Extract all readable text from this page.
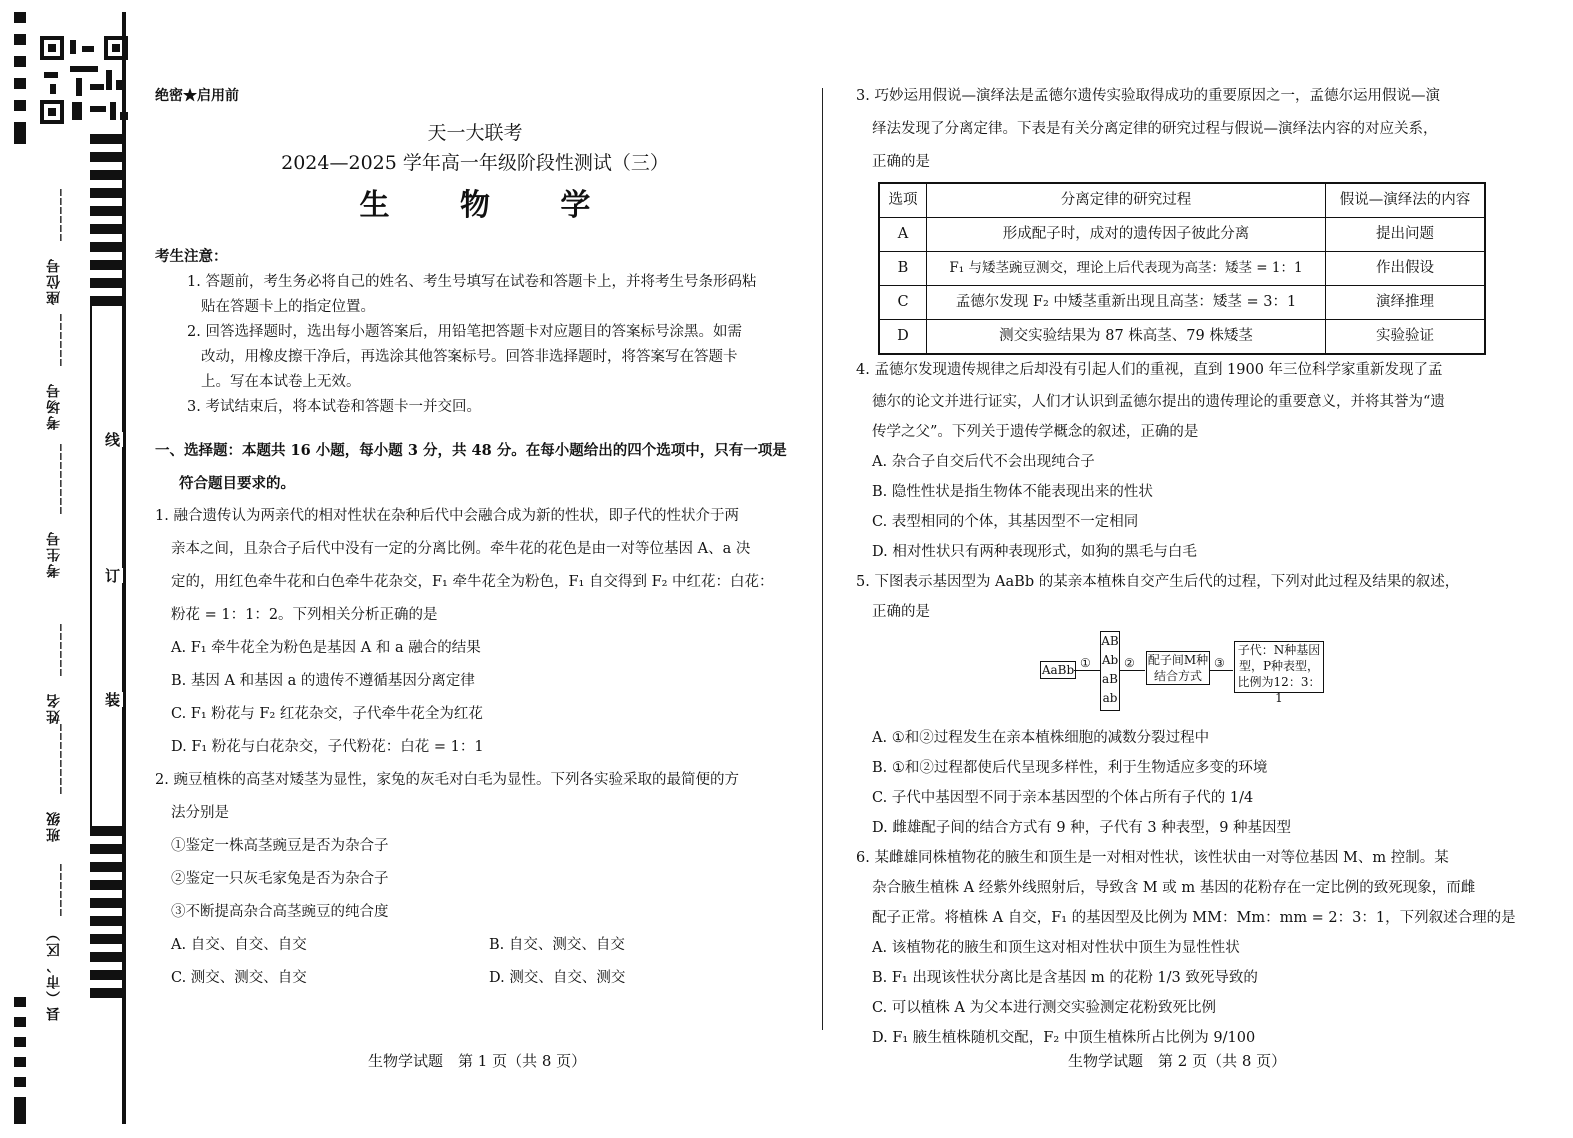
座位号　______
考场号　______
考生号　________
姓名　______
班级　________
县（市、区）　______
线
订
装

绝密★启用前

天一大联考

2024—2025 学年高一年级阶段性测试（三）

生 物 学

考生注意：

1. 答题前，考生务必将自己的姓名、考生号填写在试卷和答题卡上，并将考生号条形码粘

贴在答题卡上的指定位置。

2. 回答选择题时，选出每小题答案后，用铅笔把答题卡对应题目的答案标号涂黑。如需

改动，用橡皮擦干净后，再选涂其他答案标号。回答非选择题时，将答案写在答题卡

上。写在本试卷上无效。

3. 考试结束后，将本试卷和答题卡一并交回。

一、选择题：本题共 16 小题，每小题 3 分，共 48 分。在每小题给出的四个选项中，只有一项是

符合题目要求的。

1. 融合遗传认为两亲代的相对性状在杂种后代中会融合成为新的性状，即子代的性状介于两

亲本之间，且杂合子后代中没有一定的分离比例。牵牛花的花色是由一对等位基因 A、a 决

定的，用红色牵牛花和白色牵牛花杂交，F₁ 牵牛花全为粉色，F₁ 自交得到 F₂ 中红花：白花：

粉花 = 1：1：2。下列相关分析正确的是

A. F₁ 牵牛花全为粉色是基因 A 和 a 融合的结果

B. 基因 A 和基因 a 的遗传不遵循基因分离定律

C. F₁ 粉花与 F₂ 红花杂交，子代牵牛花全为红花

D. F₁ 粉花与白花杂交，子代粉花：白花 = 1：1

2. 豌豆植株的高茎对矮茎为显性，家兔的灰毛对白毛为显性。下列各实验采取的最简便的方

法分别是

①鉴定一株高茎豌豆是否为杂合子

②鉴定一只灰毛家兔是否为杂合子

③不断提高杂合高茎豌豆的纯合度

A. 自交、自交、自交	B. 自交、测交、自交

C. 测交、测交、自交	D. 测交、自交、测交

3. 巧妙运用假说—演绎法是孟德尔遗传实验取得成功的重要原因之一，孟德尔运用假说—演

绎法发现了分离定律。下表是有关分离定律的研究过程与假说—演绎法内容的对应关系，

正确的是

选项	分离定律的研究过程	假说—演绎法的内容
A	形成配子时，成对的遗传因子彼此分离	提出问题
B	F₁ 与矮茎豌豆测交，理论上后代表现为高茎：矮茎 = 1：1	作出假设
C	孟德尔发现 F₂ 中矮茎重新出现且高茎：矮茎 = 3：1	演绎推理
D	测交实验结果为 87 株高茎、79 株矮茎	实验验证

4. 孟德尔发现遗传规律之后却没有引起人们的重视，直到 1900 年三位科学家重新发现了孟

德尔的论文并进行证实，人们才认识到孟德尔提出的遗传理论的重要意义，并将其誉为“遗

传学之父”。下列关于遗传学概念的叙述，正确的是

A. 杂合子自交后代不会出现纯合子

B. 隐性性状是指生物体不能表现出来的性状

C. 表型相同的个体，其基因型不一定相同

D. 相对性状只有两种表现形式，如狗的黑毛与白毛

5. 下图表示基因型为 AaBb 的某亲本植株自交产生后代的过程，下列对此过程及结果的叙述，

正确的是

AaBb ①
AB
Ab
aB
ab
② 配子间M种
结合方式
③
子代：N种基因
型，P种表型，
比例为12：3：1

A. ①和②过程发生在亲本植株细胞的减数分裂过程中

B. ①和②过程都使后代呈现多样性，利于生物适应多变的环境

C. 子代中基因型不同于亲本基因型的个体占所有子代的 1/4

D. 雌雄配子间的结合方式有 9 种，子代有 3 种表型，9 种基因型

6. 某雌雄同株植物花的腋生和顶生是一对相对性状，该性状由一对等位基因 M、m 控制。某

杂合腋生植株 A 经紫外线照射后，导致含 M 或 m 基因的花粉存在一定比例的致死现象，而雌

配子正常。将植株 A 自交，F₁ 的基因型及比例为 MM：Mm：mm = 2：3：1，下列叙述合理的是

A. 该植物花的腋生和顶生这对相对性状中顶生为显性性状

B. F₁ 出现该性状分离比是含基因 m 的花粉 1/3 致死导致的

C. 可以植株 A 为父本进行测交实验测定花粉致死比例

D. F₁ 腋生植株随机交配，F₂ 中顶生植株所占比例为 9/100

生物学试题　第 1 页（共 8 页）	生物学试题　第 2 页（共 8 页）
